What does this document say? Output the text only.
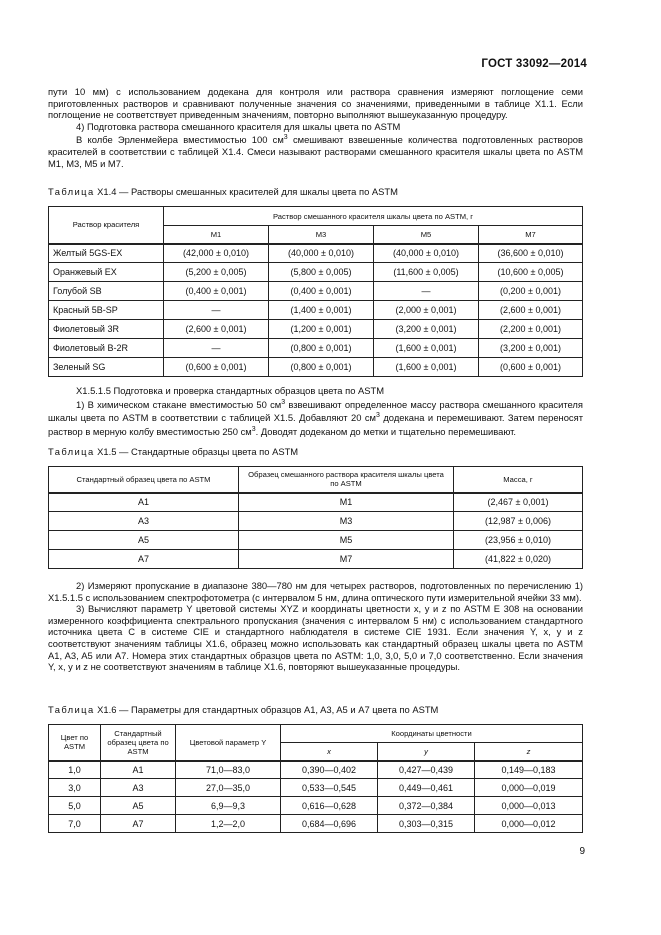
ГОСТ 33092—2014

пути 10 мм) с использованием додекана для контроля или раствора сравнения измеряют поглощение семи приготовленных растворов и сравнивают полученные значения со значениями, приведенными в таблице X1.1. Если поглощение не соответствует приведенным значениям, повторно выполняют вышеуказанную процедуру.

4) Подготовка раствора смешанного красителя для шкалы цвета по ASTM

В колбе Эрленмейера вместимостью 100 $см^3$ смешивают взвешенные количества подготовленных растворов красителей в соответствии с таблицей X1.4. Смеси называют растворами смешанного красителя шкалы цвета по ASTM M1, M3, M5 и M7.

Таблица X1.4 — Растворы смешанных красителей для шкалы цвета по ASTM
Раствор красителя	Раствор смешанного красителя шкалы цвета по ASTM, г			
	M1	M3	M5	M7
Желтый 5GS-EX	(42,000 ± 0,010)	(40,000 ± 0,010)	(40,000 ± 0,010)	(36,600 ± 0,010)
Оранжевый EX	(5,200 ± 0,005)	(5,800 ± 0,005)	(11,600 ± 0,005)	(10,600 ± 0,005)
Голубой SB	(0,400 ± 0,001)	(0,400 ± 0,001)	—	(0,200 ± 0,001)
Красный 5B-SP	—	(1,400 ± 0,001)	(2,000 ± 0,001)	(2,600 ± 0,001)
Фиолетовый 3R	(2,600 ± 0,001)	(1,200 ± 0,001)	(3,200 ± 0,001)	(2,200 ± 0,001)
Фиолетовый B-2R	—	(0,800 ± 0,001)	(1,600 ± 0,001)	(3,200 ± 0,001)
Зеленый SG	(0,600 ± 0,001)	(0,800 ± 0,001)	(1,600 ± 0,001)	(0,600 ± 0,001)

X1.5.1.5 Подготовка и проверка стандартных образцов цвета по ASTM

1) В химическом стакане вместимостью 50 $см^3$ взвешивают определенное массу раствора смешанного красителя шкалы цвета по ASTM в соответствии с таблицей X1.5. Добавляют 20 $см^3$ додекана и перемешивают. Затем переносят раствор в мерную колбу вместимостью 250 $см^3$. Доводят додеканом до метки и тщательно перемешивают.

Таблица X1.5 — Стандартные образцы цвета по ASTM
Стандартный образец цвета по ASTM	Образец смешанного раствора красителя шкалы цвета по ASTM	Масса, г
A1	M1	(2,467 ± 0,001)
A3	M3	(12,987 ± 0,006)
A5	M5	(23,956 ± 0,010)
A7	M7	(41,822 ± 0,020)

2) Измеряют пропускание в диапазоне 380—780 нм для четырех растворов, подготовленных по перечислению 1) X1.5.1.5 с использованием спектрофотометра (с интервалом 5 нм, длина оптического пути измерительной ячейки 33 мм).

3) Вычисляют параметр Y цветовой системы XYZ и координаты цветности x, y и z по ASTM E 308 на основании измеренного коэффициента спектрального пропускания (значения с интервалом 5 нм) с использованием стандартного источника цвета C в системе CIE и стандартного наблюдателя в системе CIE 1931. Если значения Y, x, y и z соответствуют значениям таблицы X1.6, образец можно использовать как стандартный образец шкалы цвета по ASTM A1, A3, A5 или A7. Номера этих стандартных образцов цвета по ASTM: 1,0, 3,0, 5,0 и 7,0 соответственно. Если значения Y, x, y и z не соответствуют значениям в таблице X1.6, повторяют вышеуказанные процедуры.

Таблица X1.6 — Параметры для стандартных образцов A1, A3, A5 и A7 цвета по ASTM
Цвет по ASTM	Стандартный образец цвета по ASTM	Цветовой параметр Y	Координаты цветности		
			x	y	z
1,0	A1	71,0—83,0	0,390—0,402	0,427—0,439	0,149—0,183
3,0	A3	27,0—35,0	0,533—0,545	0,449—0,461	0,000—0,019
5,0	A5	6,9—9,3	0,616—0,628	0,372—0,384	0,000—0,013
7,0	A7	1,2—2,0	0,684—0,696	0,303—0,315	0,000—0,012
9
